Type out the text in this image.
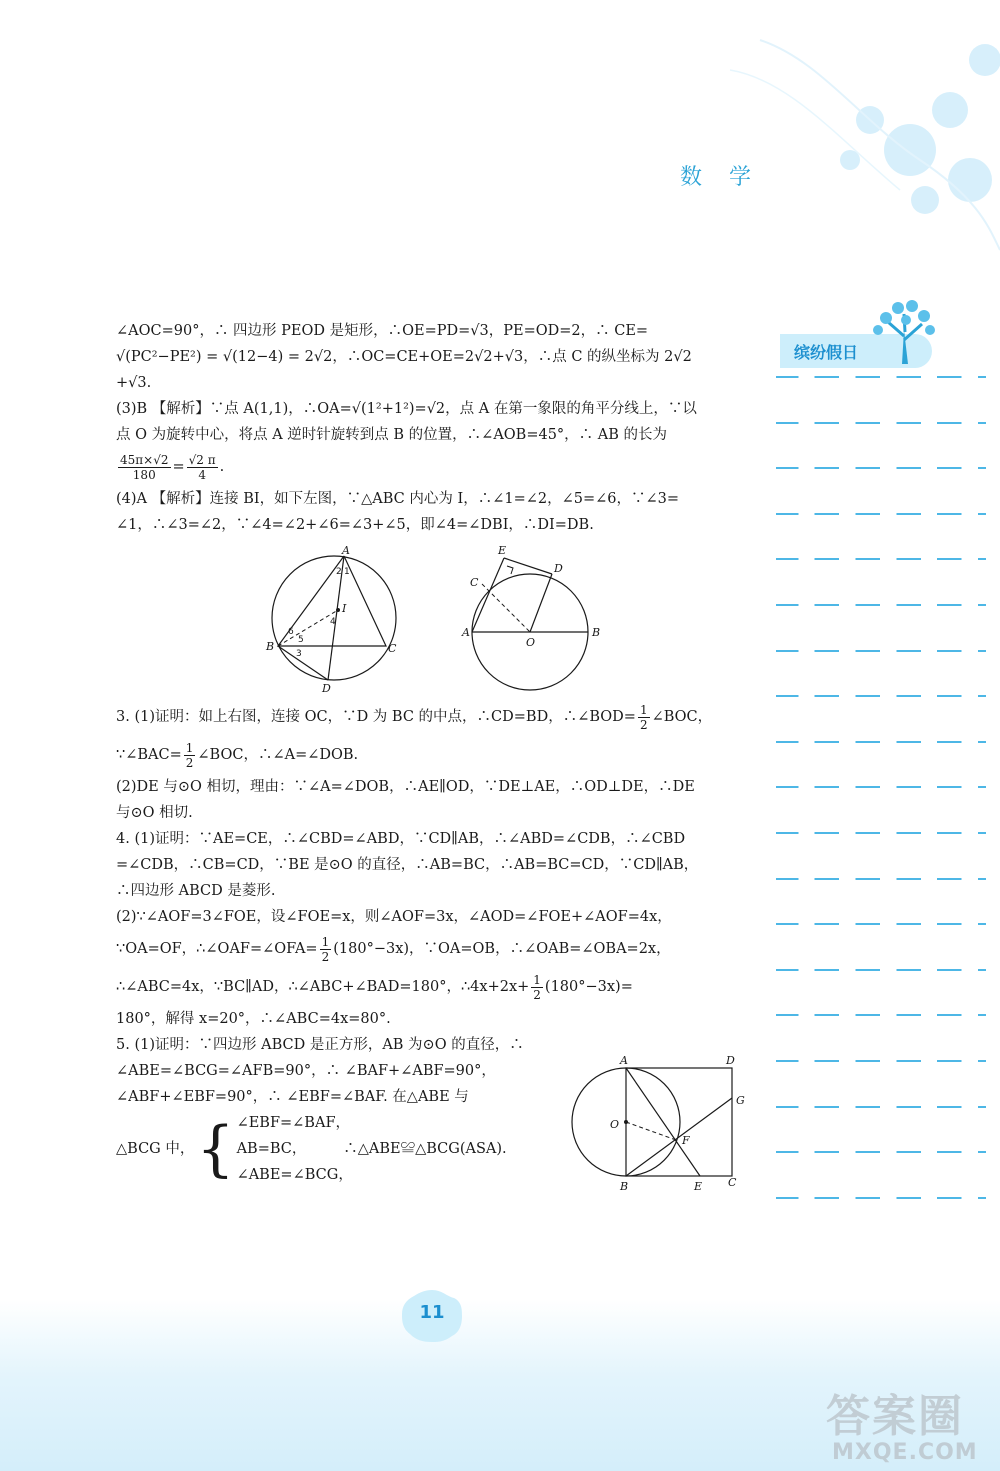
数 学
缤纷假日
∠AOC=90°，∴ 四边形 PEOD 是矩形，∴OE=PD=√3，PE=OD=2，∴ CE=
√(PC²−PE²) = √(12−4) = 2√2，∴OC=CE+OE=2√2+√3，∴点 C 的纵坐标为 2√2
+√3.
(3)B 【解析】∵点 A(1,1)，∴OA=√(1²+1²)=√2，点 A 在第一象限的角平分线上，∵以
点 O 为旋转中心，将点 A 逆时针旋转到点 B 的位置，∴∠AOB=45°，∴ AB 的长为
$\frac{45\pi\times√2}{180} = \frac{√2 \pi}{4}$ .
(4)A 【解析】连接 BI，如下左图，∵△ABC 内心为 I，∴∠1=∠2，∠5=∠6，∵∠3=
∠1，∴∠3=∠2，∵∠4=∠2+∠6=∠3+∠5，即∠4=∠DBI，∴DI=DB.
A
B	C
D
I
1
2
3
4
5
6	A	B
C
D
E
O
3. (1)证明：如上右图，连接 OC，∵D 为 BC 的中点，∴CD=BD，∴∠BOD= $\frac{1}{2}$ ∠BOC，
∵∠BAC= $\frac{1}{2}$ ∠BOC，∴∠A=∠DOB.
(2)DE 与⊙O 相切，理由：∵∠A=∠DOB，∴AE∥OD，∵DE⊥AE，∴OD⊥DE，∴DE
与⊙O 相切.
4. (1)证明：∵AE=CE，∴∠CBD=∠ABD，∵CD∥AB，∴∠ABD=∠CDB，∴∠CBD
=∠CDB，∴CB=CD，∵BE 是⊙O 的直径，∴AB=BC，∴AB=BC=CD，∵CD∥AB，
∴四边形 ABCD 是菱形.
(2)∵∠AOF=3∠FOE，设∠FOE=x，则∠AOF=3x，∠AOD=∠FOE+∠AOF=4x，
∵OA=OF，∴∠OAF=∠OFA= $\frac{1}{2} (180^\circ-3x)$，∵OA=OB，∴∠OAB=∠OBA=2x，
∴∠ABC=4x，∵BC∥AD，∴∠ABC+∠BAD=180°，∴4x+2x+ $\frac{1}{2} (180^\circ-3x)=$
180°，解得 x=20°，∴∠ABC=4x=80°.
5. (1)证明：∵四边形 ABCD 是正方形，AB 为⊙O 的直径，∴
∠ABE=∠BCG=∠AFB=90°，∴ ∠BAF+∠ABF=90°，
∠ABF+∠EBF=90°，∴ ∠EBF=∠BAF. 在△ABE 与
△BCG 中， { ∠EBF=∠BAF，
AB=BC，	∴△ABE≌△BCG(ASA).
∠ABE=∠BCG，
A
B	C
D
E
F
G
O
11
答案圈
MXQE.COM
